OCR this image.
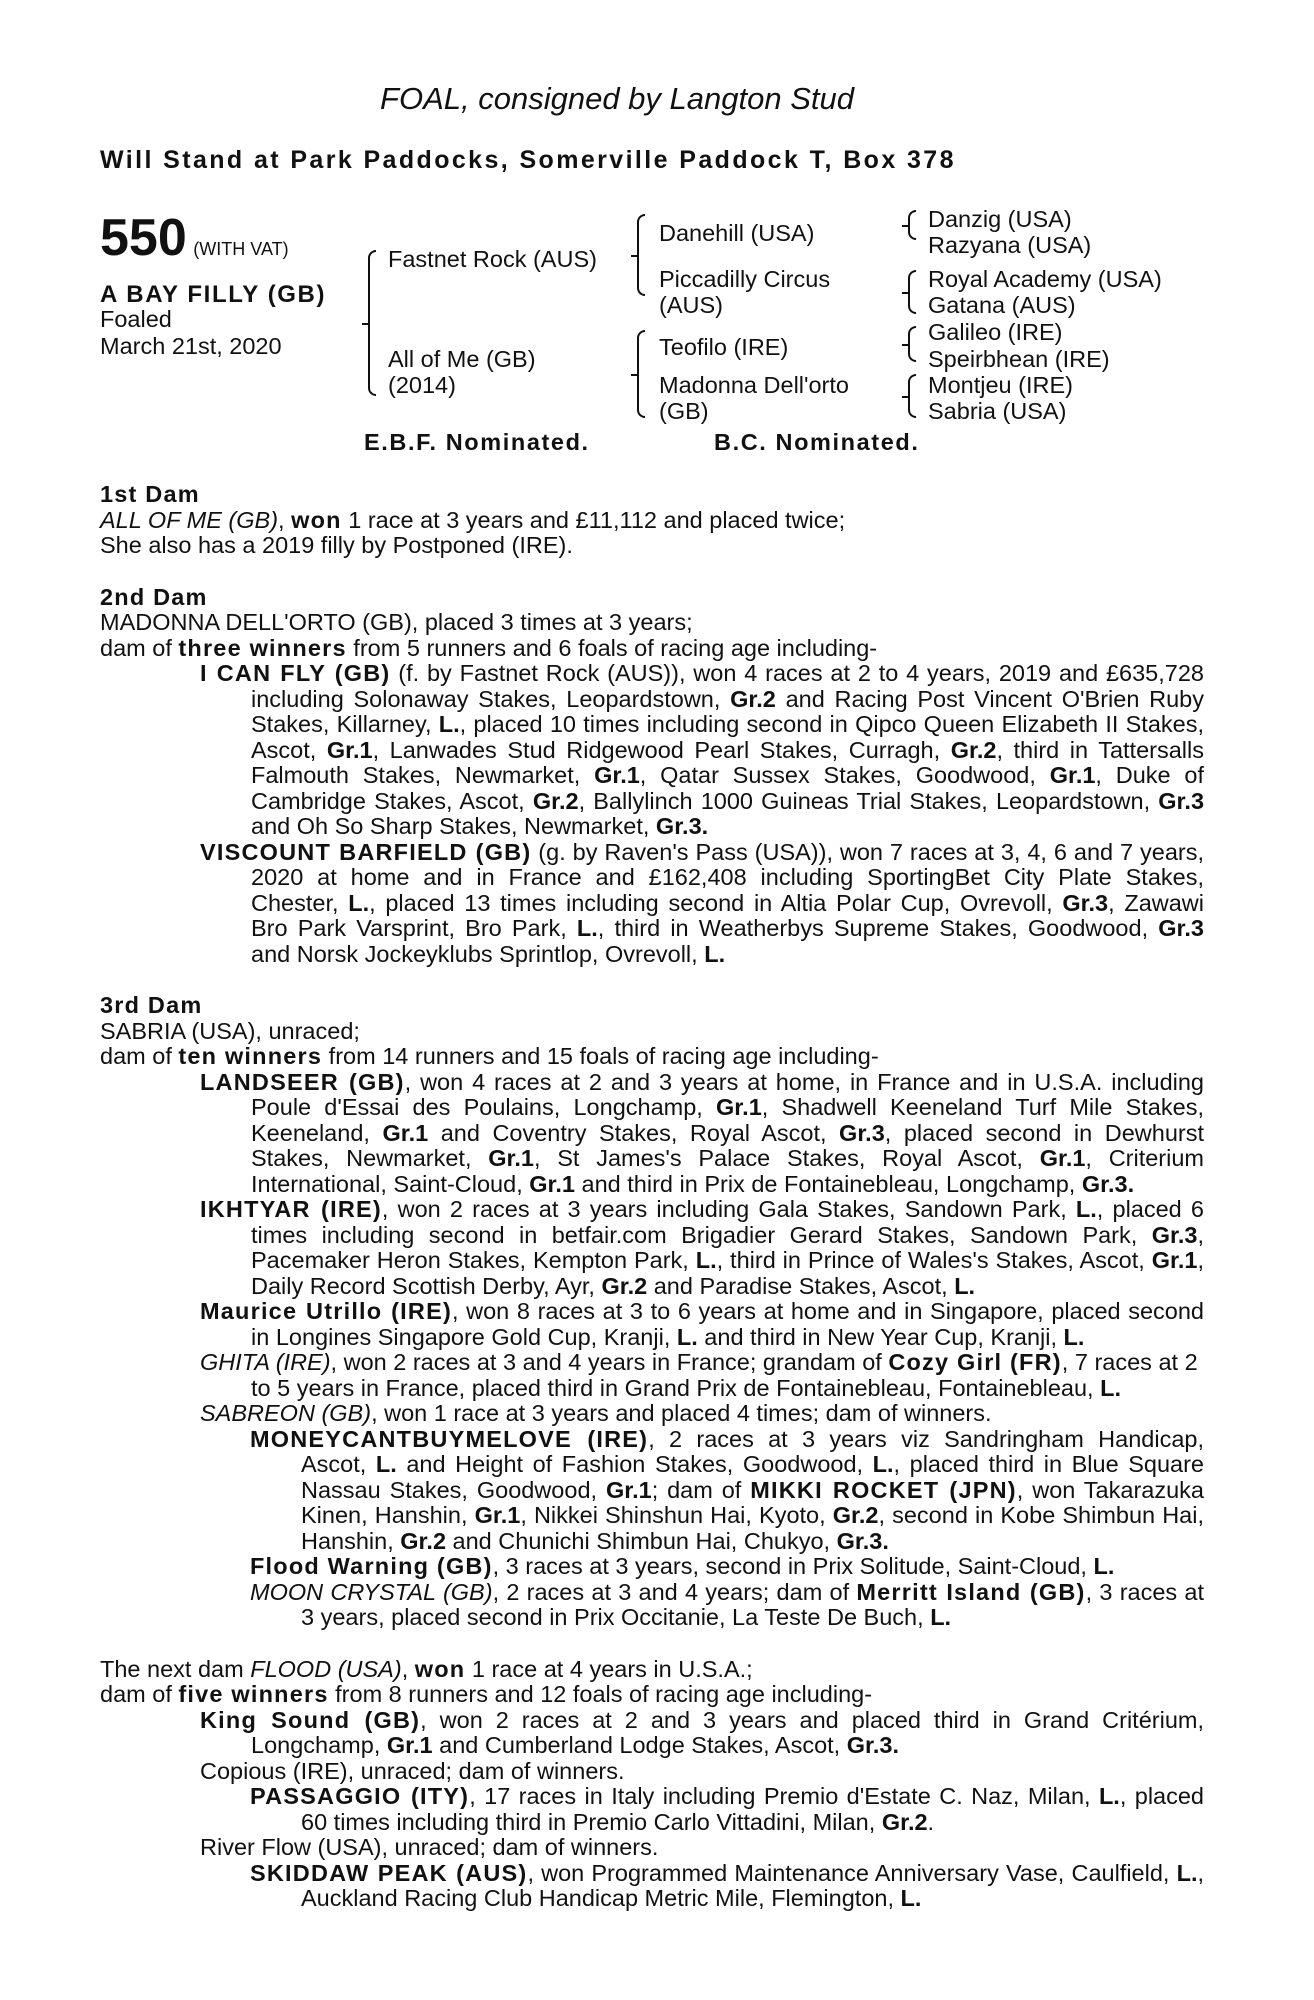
FOAL, consigned by Langton Stud
Will Stand at Park Paddocks, Somerville Paddock T, Box 378
550 (WITH VAT)
A BAY FILLY (GB)
Foaled
March 21st, 2020
Fastnet Rock (AUS)
All of Me (GB)
(2014)
Danehill (USA)
Piccadilly Circus
(AUS)
Teofilo (IRE)
Madonna Dell'orto
(GB)
Danzig (USA)
Razyana (USA)
Royal Academy (USA)
Gatana (AUS)
Galileo (IRE)
Speirbhean (IRE)
Montjeu (IRE)
Sabria (USA)
E.B.F. Nominated.	B.C. Nominated.

1st Dam

ALL OF ME (GB), won 1 race at 3 years and £11,112 and placed twice;

She also has a 2019 filly by Postponed (IRE).

2nd Dam

MADONNA DELL'ORTO (GB), placed 3 times at 3 years;

dam of three winners from 5 runners and 6 foals of racing age including-

I CAN FLY (GB) (f. by Fastnet Rock (AUS)), won 4 races at 2 to 4 years, 2019 and £635,728 including Solonaway Stakes, Leopardstown, Gr.2 and Racing Post Vincent O'Brien Ruby Stakes, Killarney, L., placed 10 times including second in Qipco Queen Elizabeth II Stakes, Ascot, Gr.1, Lanwades Stud Ridgewood Pearl Stakes, Curragh, Gr.2, third in Tattersalls Falmouth Stakes, Newmarket, Gr.1, Qatar Sussex Stakes, Goodwood, Gr.1, Duke of Cambridge Stakes, Ascot, Gr.2, Ballylinch 1000 Guineas Trial Stakes, Leopardstown, Gr.3 and Oh So Sharp Stakes, Newmarket, Gr.3.

VISCOUNT BARFIELD (GB) (g. by Raven's Pass (USA)), won 7 races at 3, 4, 6 and 7 years, 2020 at home and in France and £162,408 including SportingBet City Plate Stakes, Chester, L., placed 13 times including second in Altia Polar Cup, Ovrevoll, Gr.3, Zawawi Bro Park Varsprint, Bro Park, L., third in Weatherbys Supreme Stakes, Goodwood, Gr.3 and Norsk Jockeyklubs Sprintlop, Ovrevoll, L.

3rd Dam

SABRIA (USA), unraced;

dam of ten winners from 14 runners and 15 foals of racing age including-

LANDSEER (GB), won 4 races at 2 and 3 years at home, in France and in U.S.A. including Poule d'Essai des Poulains, Longchamp, Gr.1, Shadwell Keeneland Turf Mile Stakes, Keeneland, Gr.1 and Coventry Stakes, Royal Ascot, Gr.3, placed second in Dewhurst Stakes, Newmarket, Gr.1, St James's Palace Stakes, Royal Ascot, Gr.1, Criterium International, Saint-Cloud, Gr.1 and third in Prix de Fontainebleau, Longchamp, Gr.3.

IKHTYAR (IRE), won 2 races at 3 years including Gala Stakes, Sandown Park, L., placed 6 times including second in betfair.com Brigadier Gerard Stakes, Sandown Park, Gr.3, Pacemaker Heron Stakes, Kempton Park, L., third in Prince of Wales's Stakes, Ascot, Gr.1, Daily Record Scottish Derby, Ayr, Gr.2 and Paradise Stakes, Ascot, L.

Maurice Utrillo (IRE), won 8 races at 3 to 6 years at home and in Singapore, placed second in Longines Singapore Gold Cup, Kranji, L. and third in New Year Cup, Kranji, L.

GHITA (IRE), won 2 races at 3 and 4 years in France; grandam of Cozy Girl (FR), 7 races at 2 to 5 years in France, placed third in Grand Prix de Fontainebleau, Fontainebleau, L.

SABREON (GB), won 1 race at 3 years and placed 4 times; dam of winners.

MONEYCANTBUYMELOVE (IRE), 2 races at 3 years viz Sandringham Handicap, Ascot, L. and Height of Fashion Stakes, Goodwood, L., placed third in Blue Square Nassau Stakes, Goodwood, Gr.1; dam of MIKKI ROCKET (JPN), won Takarazuka Kinen, Hanshin, Gr.1, Nikkei Shinshun Hai, Kyoto, Gr.2, second in Kobe Shimbun Hai, Hanshin, Gr.2 and Chunichi Shimbun Hai, Chukyo, Gr.3.

Flood Warning (GB), 3 races at 3 years, second in Prix Solitude, Saint-Cloud, L.

MOON CRYSTAL (GB), 2 races at 3 and 4 years; dam of Merritt Island (GB), 3 races at 3 years, placed second in Prix Occitanie, La Teste De Buch, L.

The next dam FLOOD (USA), won 1 race at 4 years in U.S.A.;

dam of five winners from 8 runners and 12 foals of racing age including-

King Sound (GB), won 2 races at 2 and 3 years and placed third in Grand Critérium, Longchamp, Gr.1 and Cumberland Lodge Stakes, Ascot, Gr.3.

Copious (IRE), unraced; dam of winners.

PASSAGGIO (ITY), 17 races in Italy including Premio d'Estate C. Naz, Milan, L., placed 60 times including third in Premio Carlo Vittadini, Milan, Gr.2.

River Flow (USA), unraced; dam of winners.

SKIDDAW PEAK (AUS), won Programmed Maintenance Anniversary Vase, Caulfield, L., Auckland Racing Club Handicap Metric Mile, Flemington, L.
